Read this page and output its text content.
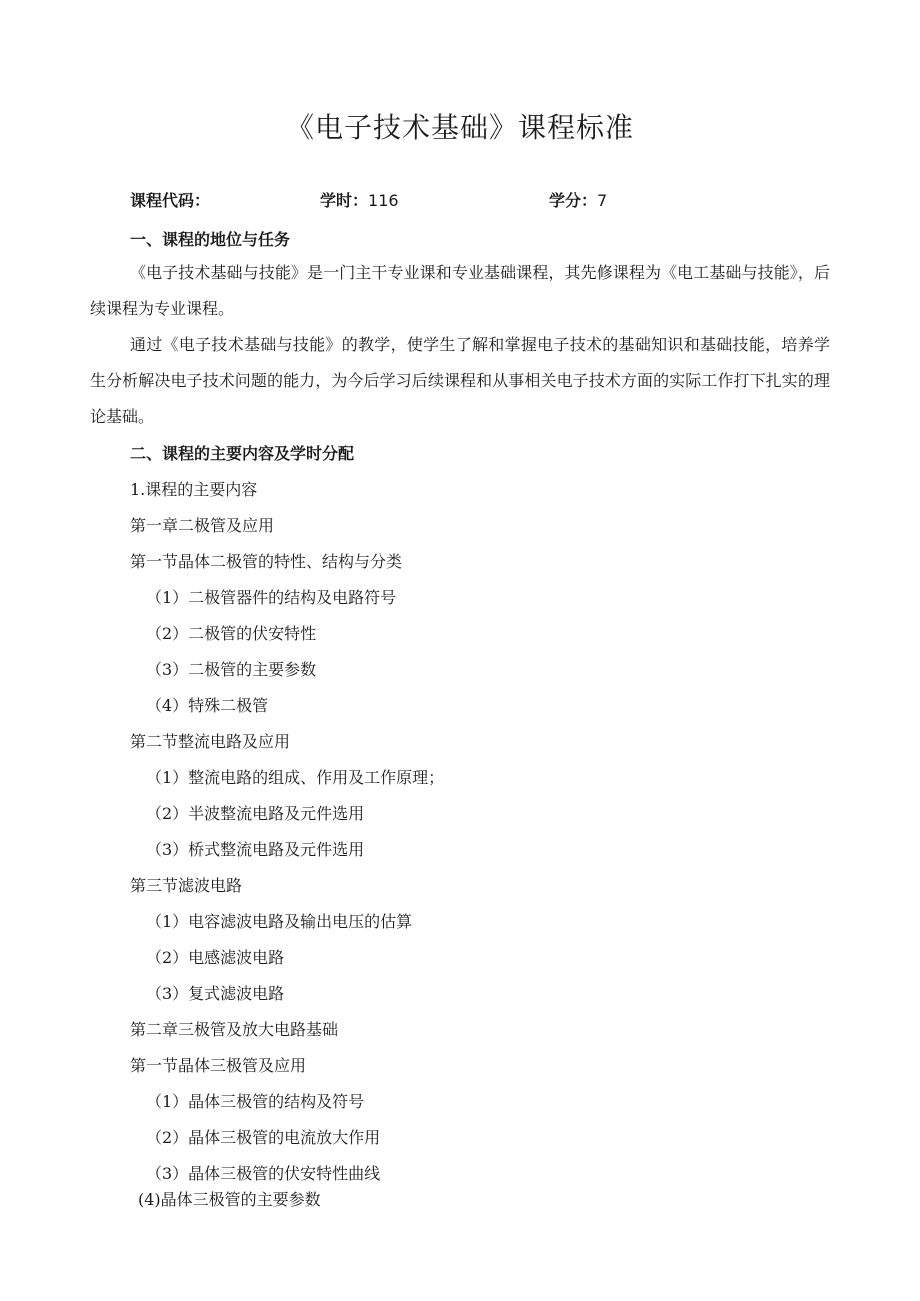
《电子技术基础》课程标准
课程代码：	学时：116	学分：7
一、课程的地位与任务

《电子技术基础与技能》是一门主干专业课和专业基础课程，其先修课程为《电工基础与技能》，后续课程为专业课程。

通过《电子技术基础与技能》的教学，使学生了解和掌握电子技术的基础知识和基础技能，培养学生分析解决电子技术问题的能力，为今后学习后续课程和从事相关电子技术方面的实际工作打下扎实的理论基础。

二、课程的主要内容及学时分配
1.课程的主要内容
第一章二极管及应用
第一节晶体二极管的特性、结构与分类
（1）二极管器件的结构及电路符号
（2）二极管的伏安特性
（3）二极管的主要参数
（4）特殊二极管
第二节整流电路及应用
（1）整流电路的组成、作用及工作原理；
（2）半波整流电路及元件选用
（3）桥式整流电路及元件选用
第三节滤波电路
（1）电容滤波电路及输出电压的估算
（2）电感滤波电路
（3）复式滤波电路
第二章三极管及放大电路基础
第一节晶体三极管及应用
（1）晶体三极管的结构及符号
（2）晶体三极管的电流放大作用
（3）晶体三极管的伏安特性曲线
(4)晶体三极管的主要参数
